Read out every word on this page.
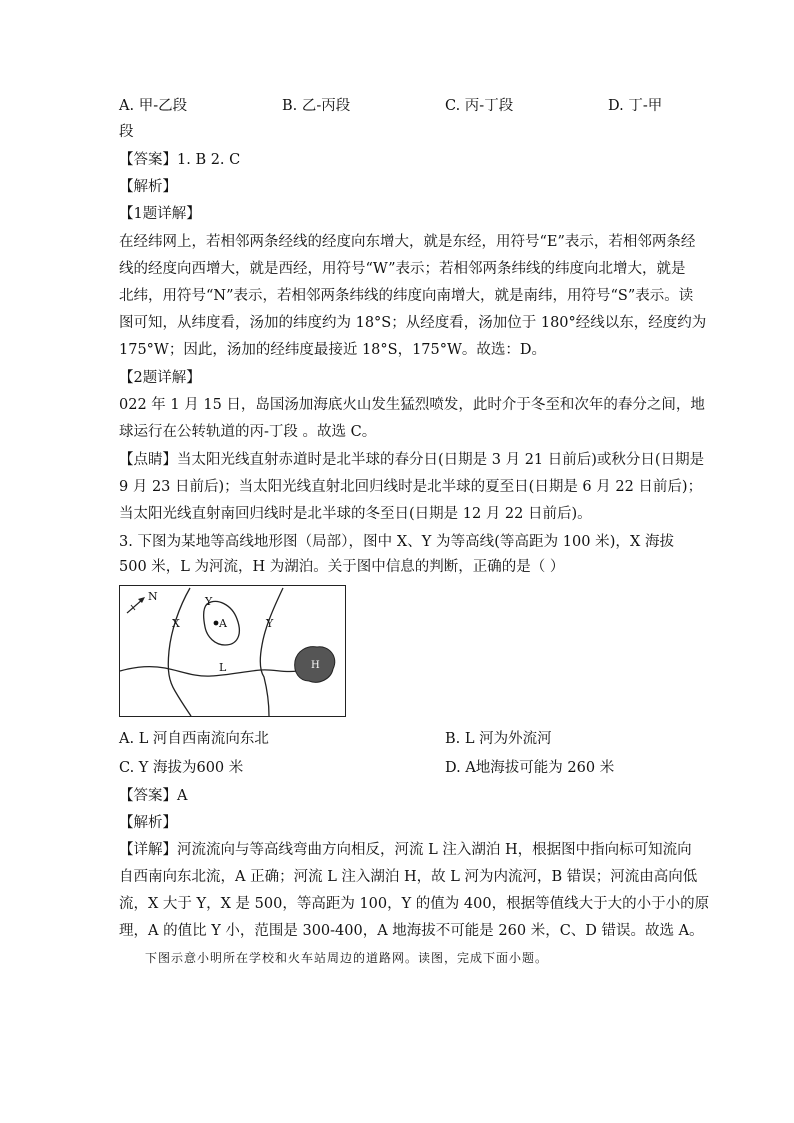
A. 甲-乙段	B. 乙-丙段	C. 丙-丁段	D. 丁-甲
段
【答案】1. B 2. C
【解析】
【1题详解】
在经纬网上，若相邻两条经线的经度向东增大，就是东经，用符号“E”表示，若相邻两条经
线的经度向西增大，就是西经，用符号“W”表示；若相邻两条纬线的纬度向北增大，就是
北纬，用符号“N”表示，若相邻两条纬线的纬度向南增大，就是南纬，用符号“S”表示。读
图可知，从纬度看，汤加的纬度约为 18°S；从经度看，汤加位于 180°经线以东，经度约为
175°W；因此，汤加的经纬度最接近 18°S，175°W。故选：D。
【2题详解】
022 年 1 月 15 日，岛国汤加海底火山发生猛烈喷发，此时介于冬至和次年的春分之间，地
球运行在公转轨道的丙-丁段 。故选 C。
【点睛】当太阳光线直射赤道时是北半球的春分日(日期是 3 月 21 日前后)或秋分日(日期是
9 月 23 日前后)；当太阳光线直射北回归线时是北半球的夏至日(日期是 6 月 22 日前后)；
当太阳光线直射南回归线时是北半球的冬至日(日期是 12 月 22 日前后)。
3. 下图为某地等高线地形图（局部），图中 X、Y 为等高线(等高距为 100 米)，X 海拔
500 米，L 为河流，H 为湖泊。关于图中信息的判断，正确的是（ ）
N
X
Y
A	Y
L	H
A. L 河自西南流向东北	B. L 河为外流河
C. Y 海拔为600 米	D. A地海拔可能为 260 米
【答案】A
【解析】
【详解】河流流向与等高线弯曲方向相反，河流 L 注入湖泊 H，根据图中指向标可知流向
自西南向东北流，A 正确；河流 L 注入湖泊 H，故 L 河为内流河，B 错误；河流由高向低
流，X 大于 Y，X 是 500，等高距为 100，Y 的值为 400，根据等值线大于大的小于小的原
理，A 的值比 Y 小，范围是 300-400，A 地海拔不可能是 260 米，C、D 错误。故选 A。
下图示意小明所在学校和火车站周边的道路网。读图，完成下面小题。
